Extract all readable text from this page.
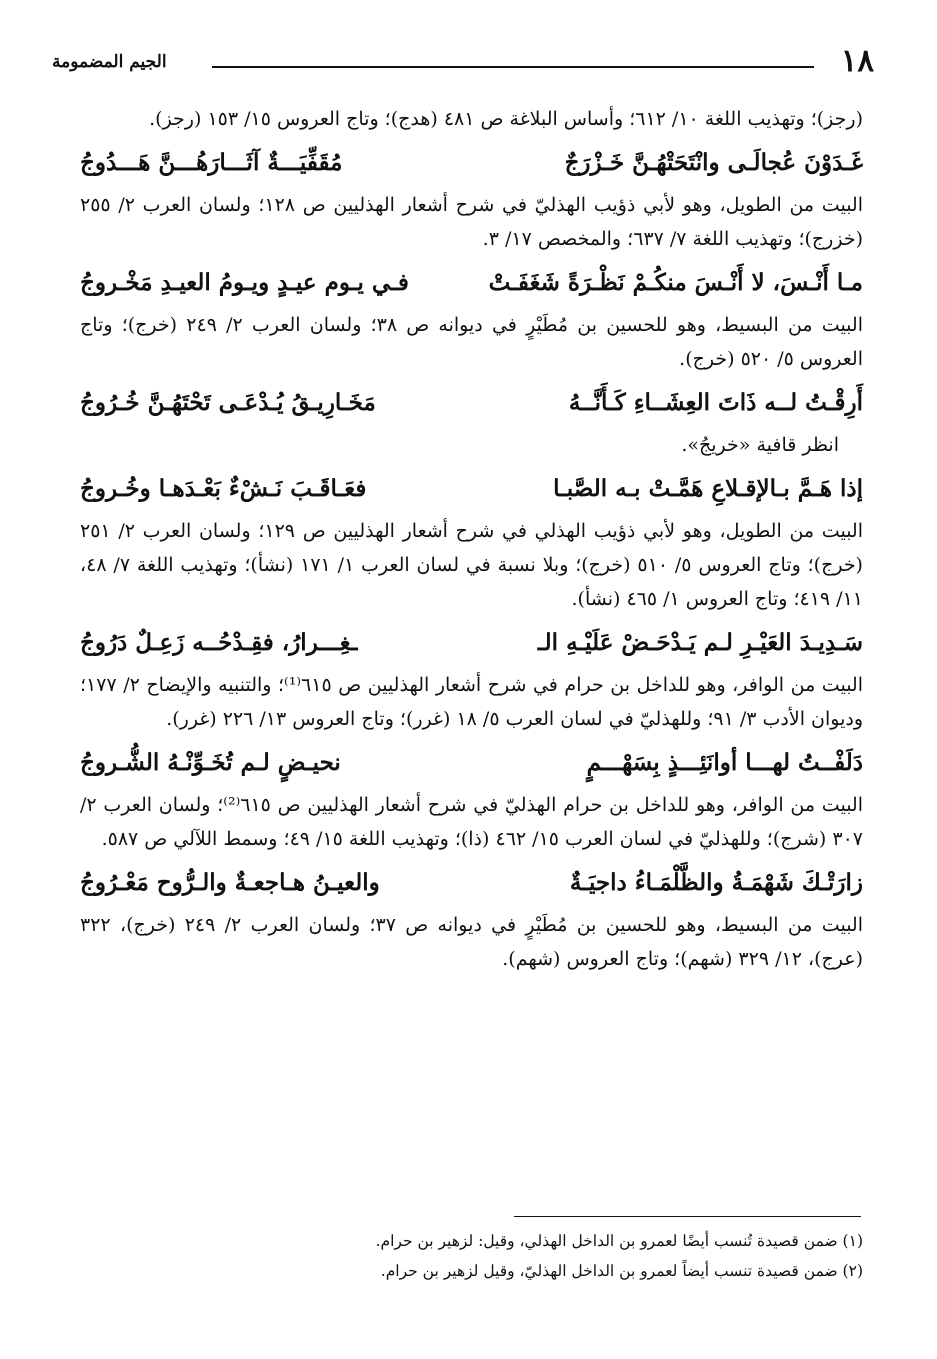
١٨
الجيم المضمومة

(رجز)؛ وتهذيب اللغة ١٠/ ٦١٢؛ وأساس البلاغة ص ٤٨١ (هدج)؛ وتاج العروس ١٥/ ١٥٣ (رجز).

غَـدَوْنَ عُجالَـى وانْتَحَتْهُـنَّ خَـزْرَجٌ
مُقَفِّيَـــةٌ آثَـــارَهُـــنَّ هَـــدُوجُ

البيت من الطويل، وهو لأبي ذؤيب الهذليّ في شرح أشعار الهذليين ص ١٢٨؛ ولسان العرب ٢/ ٢٥٥ (خزرج)؛ وتهذيب اللغة ٧/ ٦٣٧؛ والمخصص ١٧/ ٣.

مـا أَنْـسَ، لا أَنْـسَ منكُـمْ نَظْـرَةً شَغَفَـتْ
فـي يـوم عيـدٍ ويـومُ العيـدِ مَخْـروجُ

البيت من البسيط، وهو للحسين بن مُطَيْرٍ في ديوانه ص ٣٨؛ ولسان العرب ٢/ ٢٤٩ (خرج)؛ وتاج العروس ٥/ ٥٢٠ (خرج).

أَرِقْـتُ لــه ذَاتَ العِشَــاءِ كَـأَنَّــهُ
مَخَـارِيـقُ يُـدْعَـى تَحْتَهُـنَّ خُـرُوجُ

انظر قافية «خريجُ».

إذا هَـمَّ بـالإقـلاعِ هَمَّـتْ بـه الصَّبـا
فعَـاقَـبَ نَـشْءٌ بَعْـدَهـا وخُـروجُ

البيت من الطويل، وهو لأبي ذؤيب الهذلي في شرح أشعار الهذليين ص ١٢٩؛ ولسان العرب ٢/ ٢٥١ (خرج)؛ وتاج العروس ٥/ ٥١٠ (خرج)؛ وبلا نسبة في لسان العرب ١/ ١٧١ (نشأ)؛ وتهذيب اللغة ٧/ ٤٨، ١١/ ٤١٩؛ وتاج العروس ١/ ٤٦٥ (نشأ).

سَـدِيـدَ العَيْـرِ لـم يَـدْحَـضْ عَلَيْـهِ الـ
ـغِـــرارُ، فقِـدْحُــه زَعِـلٌ دَرُوجُ

البيت من الوافر، وهو للداخل بن حرام في شرح أشعار الهذليين ص ٦١٥⁽¹⁾؛ والتنبيه والإيضاح ٢/ ١٧٧؛ وديوان الأدب ٣/ ٩١؛ وللهذليّ في لسان العرب ٥/ ١٨ (غرر)؛ وتاج العروس ١٣/ ٢٢٦ (غرر).

دَلَفْــتُ لهـــا أوانَئِـــذٍ بِسَهْـــمٍ
نحيـضٍ لـم تُخَـوِّنْـهُ الشُّـروجُ

البيت من الوافر، وهو للداخل بن حرام الهذليّ في شرح أشعار الهذليين ص ٦١٥⁽²⁾؛ ولسان العرب ٢/ ٣٠٧ (شرج)؛ وللهذليّ في لسان العرب ١٥/ ٤٦٢ (ذا)؛ وتهذيب اللغة ١٥/ ٤٩؛ وسمط اللآلي ص ٥٨٧.

زارَتْـكَ شَهْمَـةُ والظَّلْمَـاءُ داجيَـةٌ
والعيـنُ هـاجعـةٌ والـرُّوح مَعْـرُوجُ

البيت من البسيط، وهو للحسين بن مُطَيْرٍ في ديوانه ص ٣٧؛ ولسان العرب ٢/ ٢٤٩ (خرج)، ٣٢٢ (عرج)، ١٢/ ٣٢٩ (شهم)؛ وتاج العروس (شهم).

(١) ضمن قصيدة تُنسب أيضًا لعمرو بن الداخل الهذلي، وقيل: لزهير بن حرام.

(٢) ضمن قصيدة تنسب أيضاً لعمرو بن الداخل الهذليّ، وقيل لزهير بن حرام.
